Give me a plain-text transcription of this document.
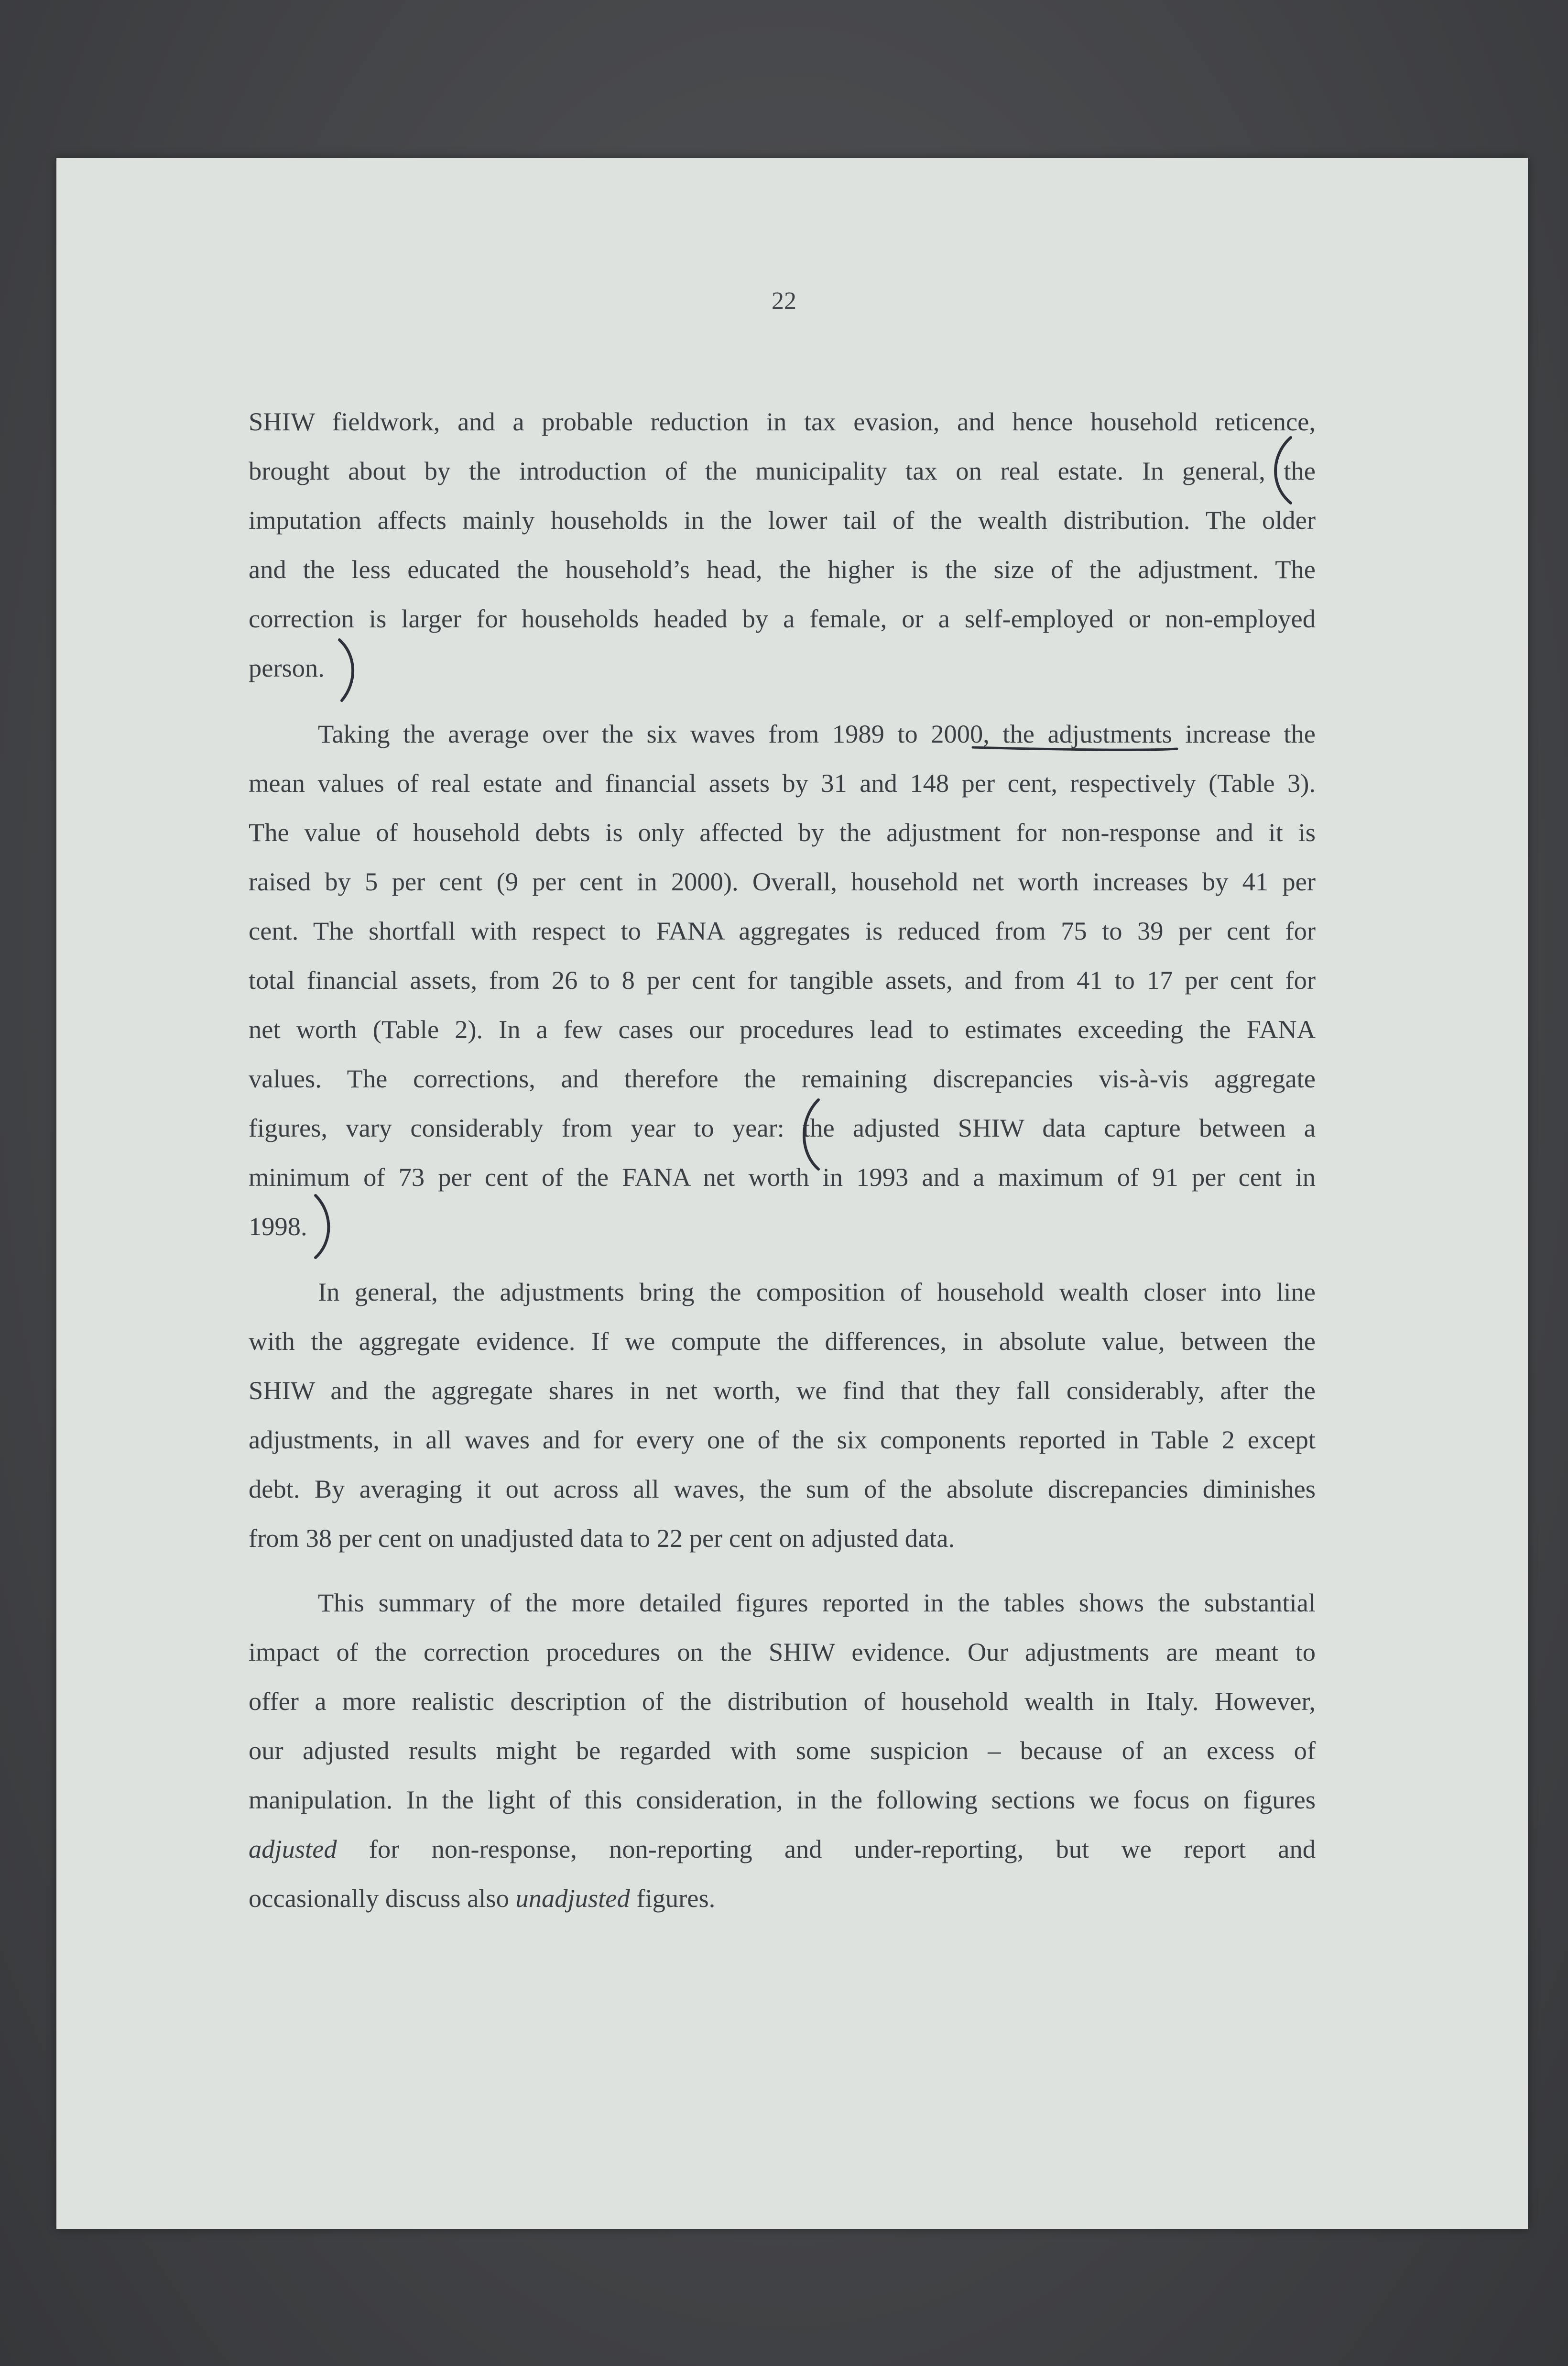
22
SHIW fieldwork, and a probable reduction in tax evasion, and hence household reticence,
brought about by the introduction of the municipality tax on real estate. In general, the
imputation affects mainly households in the lower tail of the wealth distribution. The older
and the less educated the household’s head, the higher is the size of the adjustment. The
correction is larger for households headed by a female, or a self-employed or non-employed
person.
Taking the average over the six waves from 1989 to 2000, the adjustments increase the
mean values of real estate and financial assets by 31 and 148 per cent, respectively (Table 3).
The value of household debts is only affected by the adjustment for non-response and it is
raised by 5 per cent (9 per cent in 2000). Overall, household net worth increases by 41 per
cent. The shortfall with respect to FANA aggregates is reduced from 75 to 39 per cent for
total financial assets, from 26 to 8 per cent for tangible assets, and from 41 to 17 per cent for
net worth (Table 2). In a few cases our procedures lead to estimates exceeding the FANA
values. The corrections, and therefore the remaining discrepancies vis-à-vis aggregate
figures, vary considerably from year to year: the adjusted SHIW data capture between a
minimum of 73 per cent of the FANA net worth in 1993 and a maximum of 91 per cent in
1998.
In general, the adjustments bring the composition of household wealth closer into line
with the aggregate evidence. If we compute the differences, in absolute value, between the
SHIW and the aggregate shares in net worth, we find that they fall considerably, after the
adjustments, in all waves and for every one of the six components reported in Table 2 except
debt. By averaging it out across all waves, the sum of the absolute discrepancies diminishes
from 38 per cent on unadjusted data to 22 per cent on adjusted data.
This summary of the more detailed figures reported in the tables shows the substantial
impact of the correction procedures on the SHIW evidence. Our adjustments are meant to
offer a more realistic description of the distribution of household wealth in Italy. However,
our adjusted results might be regarded with some suspicion – because of an excess of
manipulation. In the light of this consideration, in the following sections we focus on figures
adjusted for non-response, non-reporting and under-reporting, but we report and
occasionally discuss also unadjusted figures.
